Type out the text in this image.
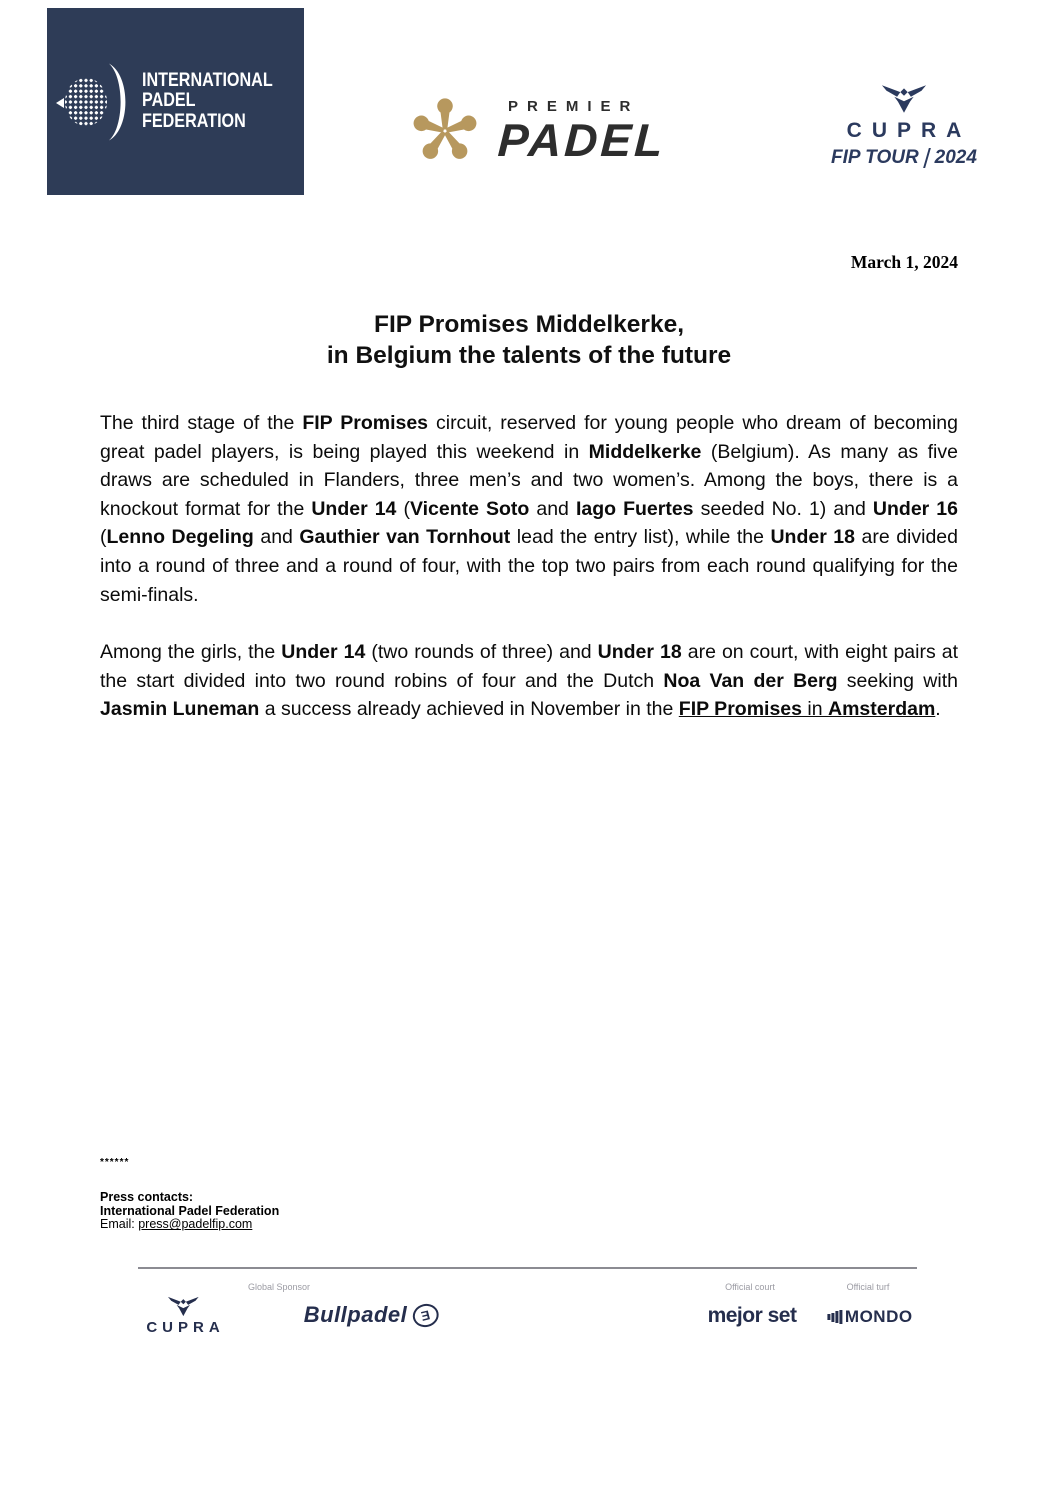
INTERNATIONAL
PADEL
FEDERATION
PREMIER
PADEL	CUPRA
FIP TOUR 2024
March 1, 2024
FIP Promises Middelkerke,
in Belgium the talents of the future

The third stage of the FIP Promises circuit, reserved for young people who dream of becoming great padel players, is being played this weekend in Middelkerke (Belgium). As many as five draws are scheduled in Flanders, three men’s and two women’s. Among the boys, there is a knockout format for the Under 14 (Vicente Soto and Iago Fuertes seeded No. 1) and Under 16 (Lenno Degeling and Gauthier van Tornhout lead the entry list), while the Under 18 are divided into a round of three and a round of four, with the top two pairs from each round qualifying for the semi-finals.

Among the girls, the Under 14 (two rounds of three) and Under 18 are on court, with eight pairs at the start divided into two round robins of four and the Dutch Noa Van der Berg seeking with Jasmin Luneman a success already achieved in November in the FIP Promises in Amsterdam.

******
Press contacts:
International Padel Federation
Email: press@padelfip.com
CUPRA
Global Sponsor
Bullpadel Ǝ
Official court
mejor set
Official turf
MONDO
